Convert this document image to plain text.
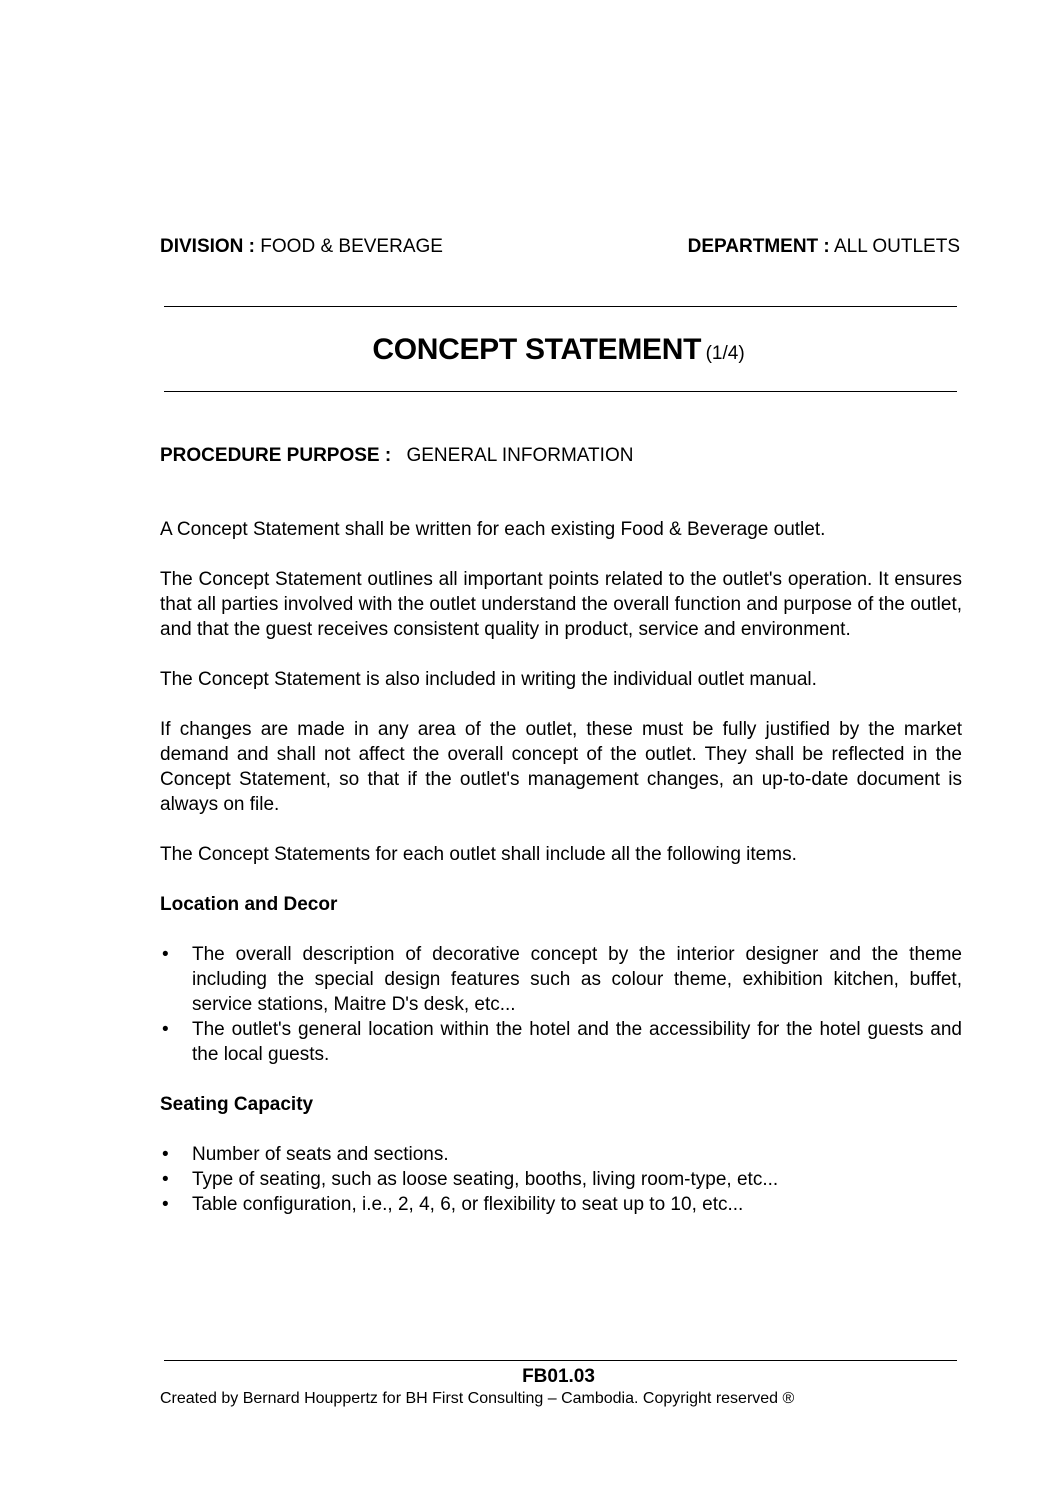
DIVISION : FOOD & BEVERAGE	DEPARTMENT : ALL OUTLETS
CONCEPT STATEMENT (1/4)
PROCEDURE PURPOSE : GENERAL INFORMATION

A Concept Statement shall be written for each existing Food & Beverage outlet.

The Concept Statement outlines all important points related to the outlet's operation. It ensures that all parties involved with the outlet understand the overall function and purpose of the outlet, and that the guest receives consistent quality in product, service and environment.

The Concept Statement is also included in writing the individual outlet manual.

If changes are made in any area of the outlet, these must be fully justified by the market demand and shall not affect the overall concept of the outlet. They shall be reflected in the Concept Statement, so that if the outlet's management changes, an up-to-date document is always on file.

The Concept Statements for each outlet shall include all the following items.

Location and Decor
• The overall description of decorative concept by the interior designer and the theme including the special design features such as colour theme, exhibition kitchen, buffet, service stations, Maitre D's desk, etc...
• The outlet's general location within the hotel and the accessibility for the hotel guests and the local guests.
Seating Capacity
• Number of seats and sections.
• Type of seating, such as loose seating, booths, living room-type, etc...
• Table configuration, i.e., 2, 4, 6, or flexibility to seat up to 10, etc...
FB01.03
Created by Bernard Houppertz for BH First Consulting – Cambodia. Copyright reserved ®
